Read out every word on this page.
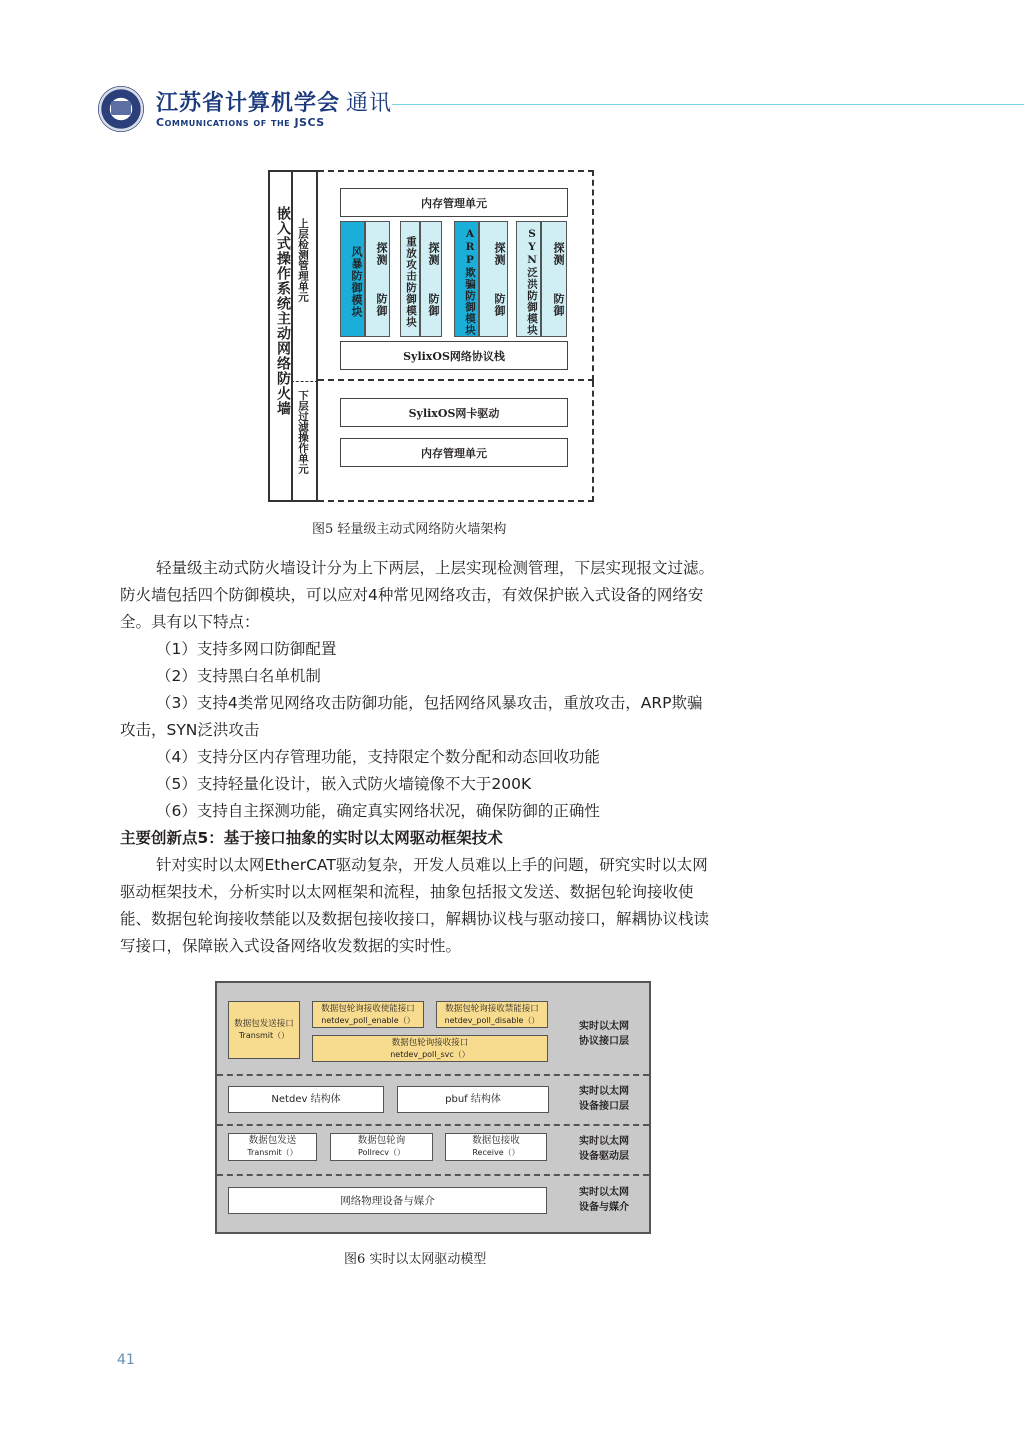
江苏省计算机学会 通讯
Communications of the JSCS
嵌入式操作系统主动网络防火墙 上层检测管理单元
下层过滤操作单元
内存管理单元
风暴防御模块	探测
防御	重放攻击防御模块 探测
防御	ARP欺骗防御模块	探测
防御	SYN泛洪防御模块	探测
防御
SylixOS网络协议栈
SylixOS网卡驱动
内存管理单元
图5 轻量级主动式网络防火墙架构
轻量级主动式防火墙设计分为上下两层，上层实现检测管理，下层实现报文过滤。
防火墙包括四个防御模块，可以应对4种常见网络攻击，有效保护嵌入式设备的网络安
全。具有以下特点：
（1）支持多网口防御配置
（2）支持黑白名单机制
（3）支持4类常见网络攻击防御功能，包括网络风暴攻击，重放攻击，ARP欺骗
攻击，SYN泛洪攻击
（4）支持分区内存管理功能，支持限定个数分配和动态回收功能
（5）支持轻量化设计，嵌入式防火墙镜像不大于200K
（6）支持自主探测功能，确定真实网络状况，确保防御的正确性
主要创新点5：基于接口抽象的实时以太网驱动框架技术
针对实时以太网EtherCAT驱动复杂，开发人员难以上手的问题，研究实时以太网
驱动框架技术，分析实时以太网框架和流程，抽象包括报文发送、数据包轮询接收使
能、数据包轮询接收禁能以及数据包接收接口，解耦协议栈与驱动接口，解耦协议栈读
写接口，保障嵌入式设备网络收发数据的实时性。
数据包发送接口
Transmit（）
数据包轮询接收使能接口
netdev_poll_enable（）
数据包轮询接收禁能接口
netdev_poll_disable（）
数据包轮询接收接口
netdev_poll_svc（）
Netdev 结构体	pbuf 结构体
数据包发送
Transmit（）
数据包轮询
Pollrecv（）
数据包接收
Receive（）
网络物理设备与媒介
实时以太网
协议接口层
实时以太网
设备接口层
实时以太网
设备驱动层
实时以太网
设备与媒介
图6 实时以太网驱动模型
41
